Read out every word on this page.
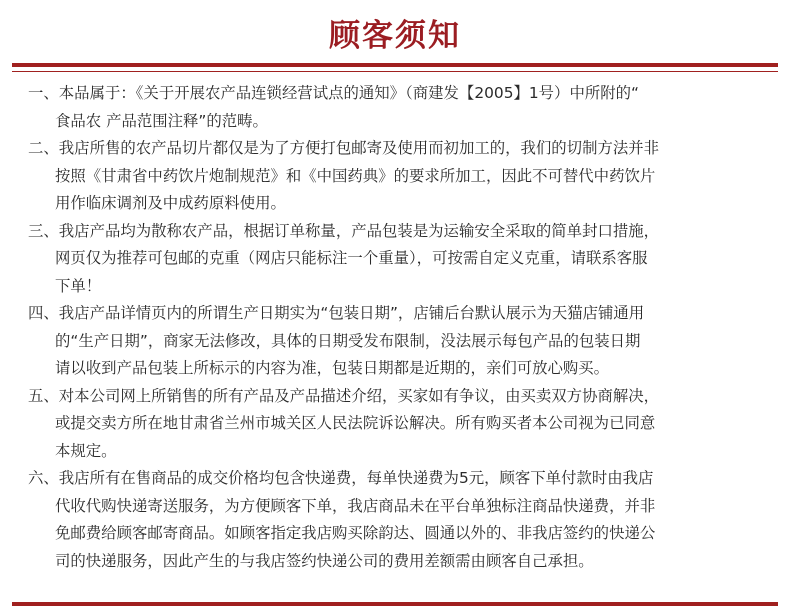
顾客须知
一、本品属于：《关于开展农产品连锁经营试点的通知》（商建发【2005】1号）中所附的“
食品农 产品范围注释”的范畴。
二、我店所售的农产品切片都仅是为了方便打包邮寄及使用而初加工的，我们的切制方法并非
按照《甘肃省中药饮片炮制规范》和《中国药典》的要求所加工，因此不可替代中药饮片
用作临床调剂及中成药原料使用。
三、我店产品均为散称农产品，根据订单称量，产品包装是为运输安全采取的简单封口措施，
网页仅为推荐可包邮的克重（网店只能标注一个重量），可按需自定义克重，请联系客服
下单！
四、我店产品详情页内的所谓生产日期实为“包装日期”，店铺后台默认展示为天猫店铺通用
的“生产日期”，商家无法修改，具体的日期受发布限制，没法展示每包产品的包装日期
请以收到产品包装上所标示的内容为准，包装日期都是近期的，亲们可放心购买。
五、对本公司网上所销售的所有产品及产品描述介绍，买家如有争议，由买卖双方协商解决，
或提交卖方所在地甘肃省兰州市城关区人民法院诉讼解决。所有购买者本公司视为已同意
本规定。
六、我店所有在售商品的成交价格均包含快递费，每单快递费为5元，顾客下单付款时由我店
代收代购快递寄送服务，为方便顾客下单，我店商品未在平台单独标注商品快递费，并非
免邮费给顾客邮寄商品。如顾客指定我店购买除韵达、圆通以外的、非我店签约的快递公
司的快递服务，因此产生的与我店签约快递公司的费用差额需由顾客自己承担。
